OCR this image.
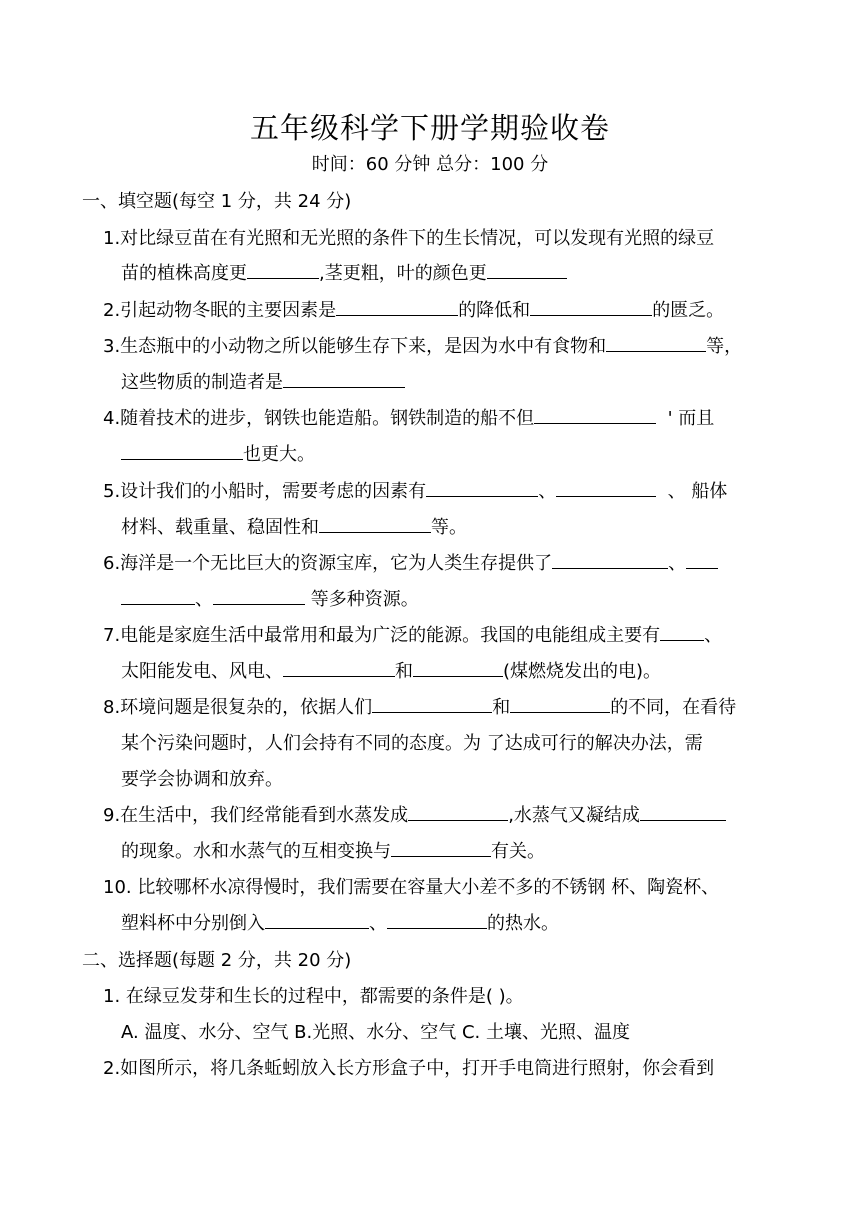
五年级科学下册学期验收卷
时间：60 分钟 总分：100 分
一、填空题(每空 1 分，共 24 分)
1.对比绿豆苗在有光照和无光照的条件下的生长情况，可以发现有光照的绿豆
苗的植株高度更	,茎更粗，叶的颜色更
2.引起动物冬眠的主要因素是	的降低和	的匮乏。
3.生态瓶中的小动物之所以能够生存下来，是因为水中有食物和	等，
这些物质的制造者是
4.随着技术的进步，钢铁也能造船。钢铁制造的船不但	' 而且
也更大。
5.设计我们的小船时，需要考虑的因素有	、	、 船体
材料、载重量、稳固性和	等。
6.海洋是一个无比巨大的资源宝库，它为人类生存提供了	、
、	等多种资源。
7.电能是家庭生活中最常用和最为广泛的能源。我国的电能组成主要有 、
太阳能发电、风电、	和	(煤燃烧发出的电)。
8.环境问题是很复杂的，依据人们	和	的不同，在看待
某个污染问题时，人们会持有不同的态度。为 了达成可行的解决办法，需
要学会协调和放弃。
9.在生活中，我们经常能看到水蒸发成	,水蒸气又凝结成
的现象。水和水蒸气的互相变换与	有关。
10. 比较哪杯水凉得慢时，我们需要在容量大小差不多的不锈钢 杯、陶瓷杯、
塑料杯中分别倒入	、	的热水。
二、选择题(每题 2 分，共 20 分)
1. 在绿豆发芽和生长的过程中，都需要的条件是( )。
A. 温度、水分、空气 B.光照、水分、空气 C. 土壤、光照、温度
2.如图所示，将几条蚯蚓放入长方形盒子中，打开手电筒进行照射，你会看到
